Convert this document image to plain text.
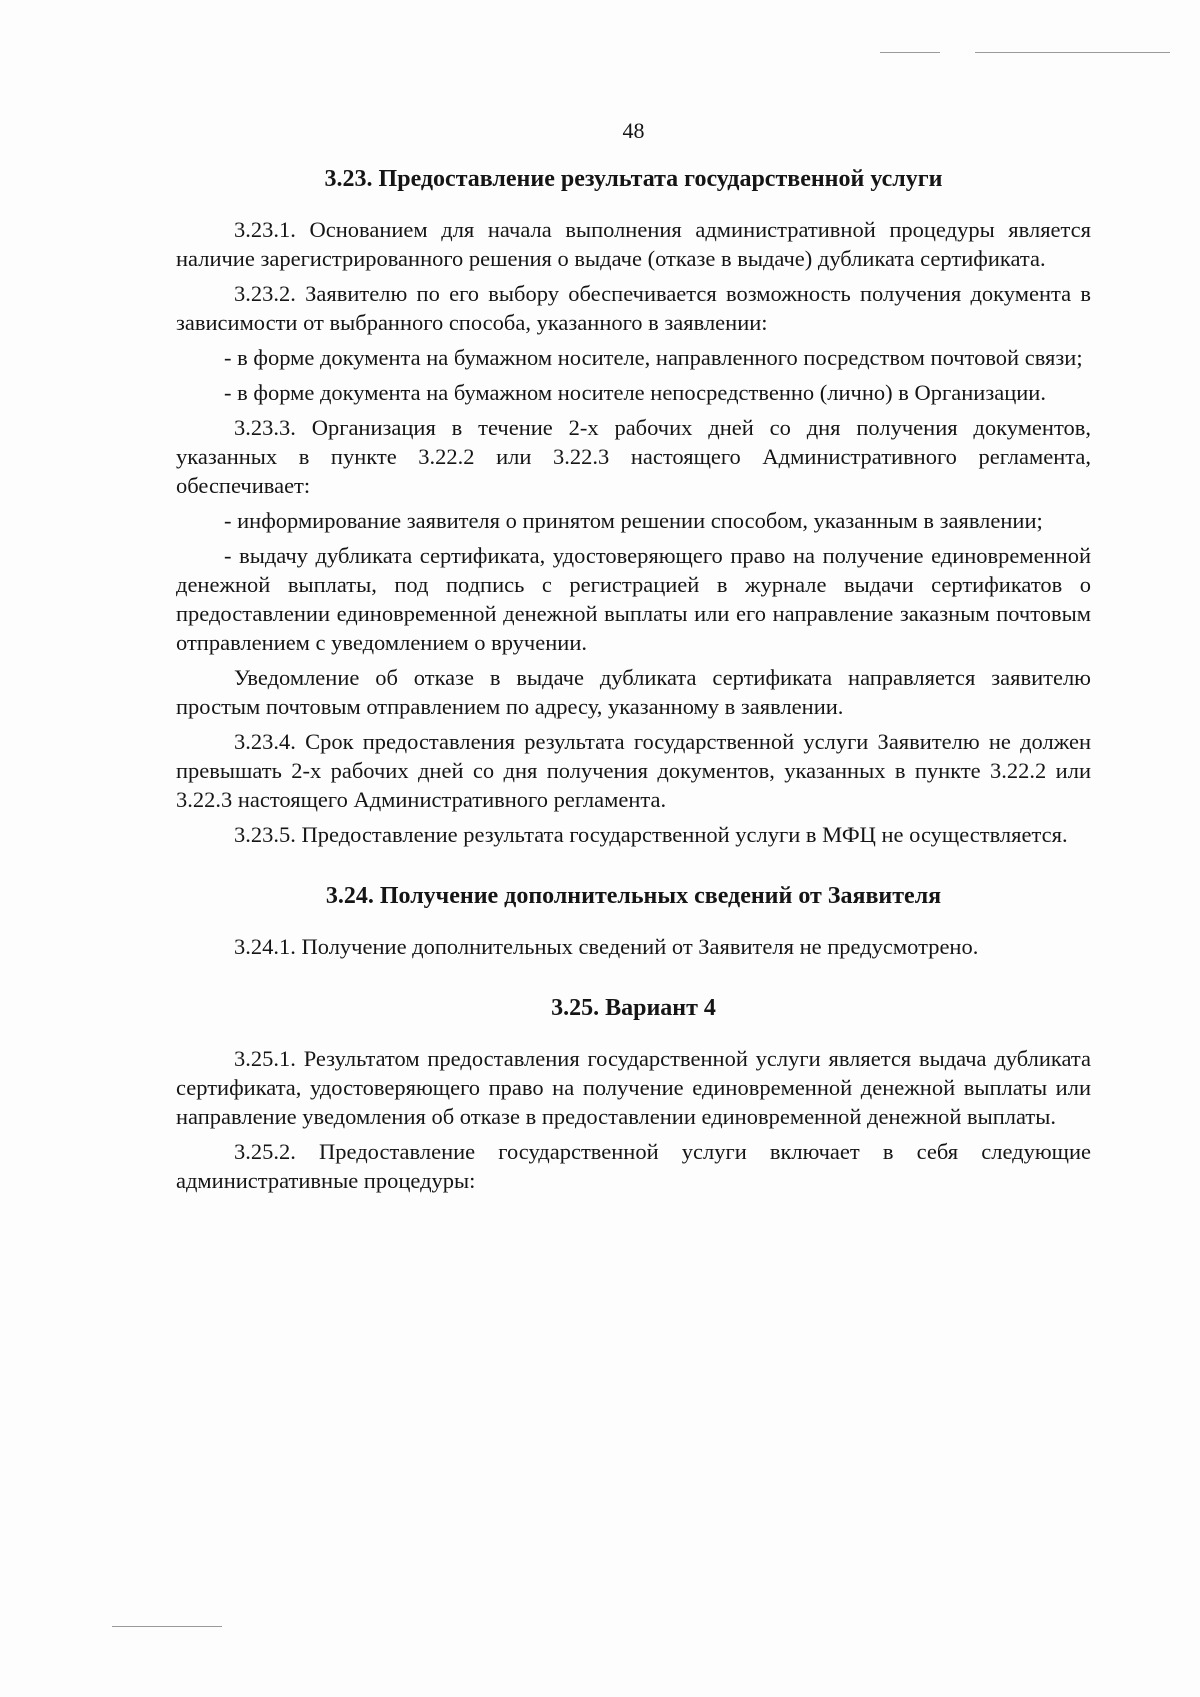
48
3.23. Предоставление результата государственной услуги

3.23.1. Основанием для начала выполнения административной процедуры является наличие зарегистрированного решения о выдаче (отказе в выдаче) дубликата сертификата.

3.23.2. Заявителю по его выбору обеспечивается возможность получения документа в зависимости от выбранного способа, указанного в заявлении:

- в форме документа на бумажном носителе, направленного посредством почтовой связи;

- в форме документа на бумажном носителе непосредственно (лично) в Организации.

3.23.3. Организация в течение 2-х рабочих дней со дня получения документов, указанных в пункте 3.22.2 или 3.22.3 настоящего Административного регламента, обеспечивает:

- информирование заявителя о принятом решении способом, указанным в заявлении;

- выдачу дубликата сертификата, удостоверяющего право на получение единовременной денежной выплаты, под подпись с регистрацией в журнале выдачи сертификатов о предоставлении единовременной денежной выплаты или его направление заказным почтовым отправлением с уведомлением о вручении.

Уведомление об отказе в выдаче дубликата сертификата направляется заявителю простым почтовым отправлением по адресу, указанному в заявлении.

3.23.4. Срок предоставления результата государственной услуги Заявителю не должен превышать 2-х рабочих дней со дня получения документов, указанных в пункте 3.22.2 или 3.22.3 настоящего Административного регламента.

3.23.5. Предоставление результата государственной услуги в МФЦ не осуществляется.

3.24. Получение дополнительных сведений от Заявителя

3.24.1. Получение дополнительных сведений от Заявителя не предусмотрено.

3.25. Вариант 4

3.25.1. Результатом предоставления государственной услуги является выдача дубликата сертификата, удостоверяющего право на получение единовременной денежной выплаты или направление уведомления об отказе в предоставлении единовременной денежной выплаты.

3.25.2. Предоставление государственной услуги включает в себя следующие административные процедуры:
